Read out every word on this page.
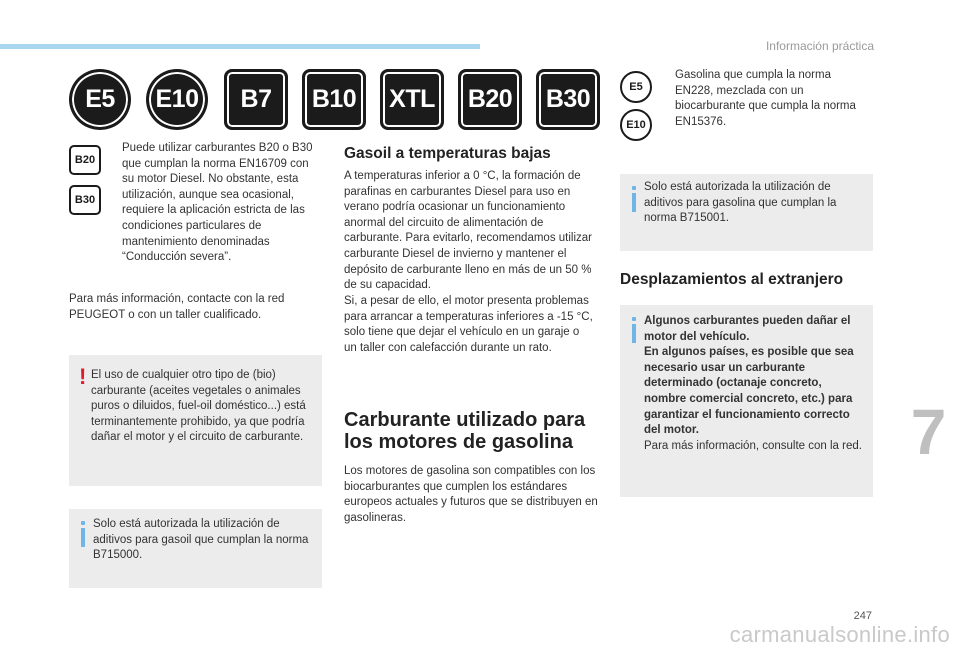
Información práctica
E5	E10	B7	B10	XTL	B20	B30
B20
B30
Puede utilizar carburantes B20 o B30 que cumplan la norma EN16709 con su motor Diesel. No obstante, esta utilización, aunque sea ocasional, requiere la aplicación estricta de las condiciones particulares de mantenimiento denominadas “Conducción severa”.
Para más información, contacte con la red PEUGEOT o con un taller cualificado.
! El uso de cualquier otro tipo de (bio) carburante (aceites vegetales o animales puros o diluidos, fuel-oil doméstico...) está terminantemente prohibido, ya que podría dañar el motor y el circuito de carburante.
Solo está autorizada la utilización de aditivos para gasoil que cumplan la norma B715000.
Gasoil a temperaturas bajas
A temperaturas inferior a 0 °C, la formación de parafinas en carburantes Diesel para uso en verano podría ocasionar un funcionamiento anormal del circuito de alimentación de carburante. Para evitarlo, recomendamos utilizar carburante Diesel de invierno y mantener el depósito de carburante lleno en más de un 50 % de su capacidad.
Si, a pesar de ello, el motor presenta problemas para arrancar a temperaturas inferiores a -15 °C, solo tiene que dejar el vehículo en un garaje o un taller con calefacción durante un rato.
Carburante utilizado para los motores de gasolina
Los motores de gasolina son compatibles con los biocarburantes que cumplen los estándares europeos actuales y futuros que se distribuyen en gasolineras.
E5
E10
Gasolina que cumpla la norma EN228, mezclada con un biocarburante que cumpla la norma EN15376.
Solo está autorizada la utilización de aditivos para gasolina que cumplan la norma B715001.
Desplazamientos al extranjero
Algunos carburantes pueden dañar el motor del vehículo.
En algunos países, es posible que sea necesario usar un carburante determinado (octanaje concreto, nombre comercial concreto, etc.) para garantizar el funcionamiento correcto del motor.
Para más información, consulte con la red. 7
247
carmanualsonline.info
